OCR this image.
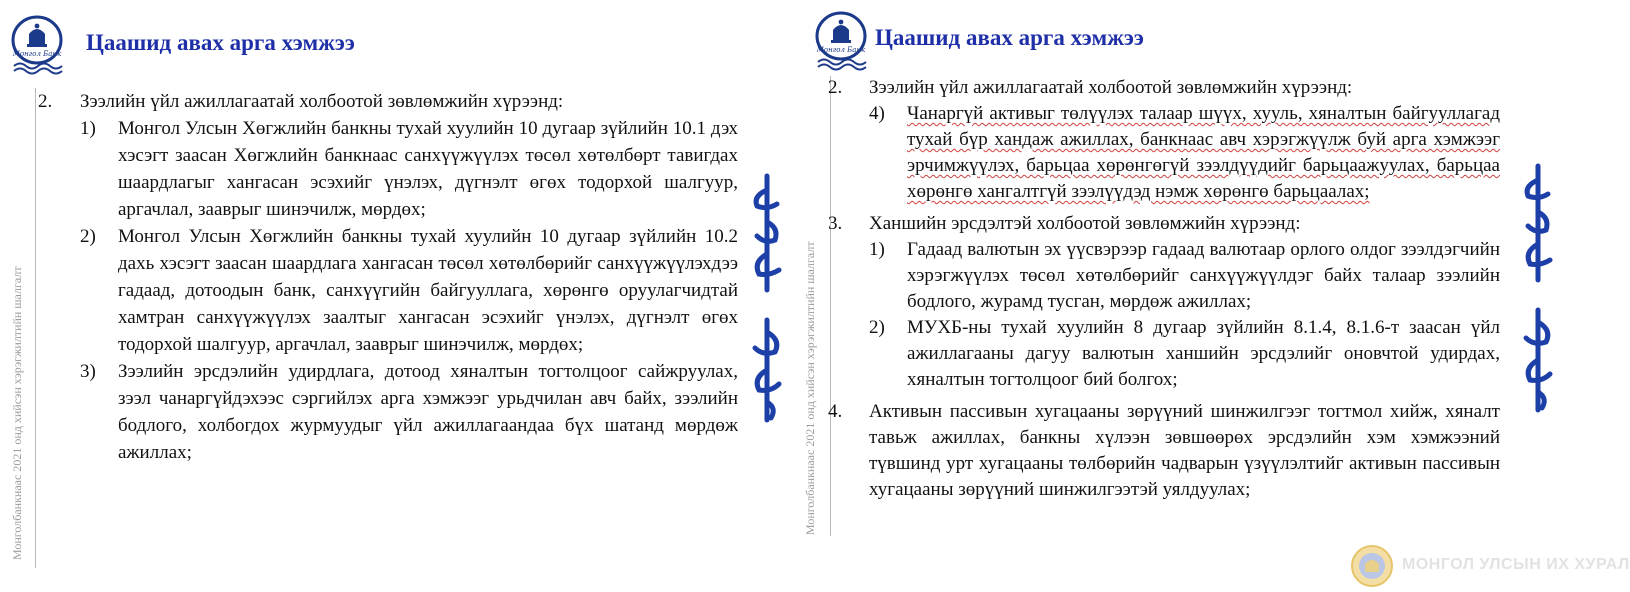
Монгол Банк Цаашид авах арга хэмжээ
Монголбанкнаас 2021 онд хийсэн хэрэгжилтийн шалгалт
2. Зээлийн үйл ажиллагаатай холбоотой зөвлөмжийн хүрээнд:
1) Монгол Улсын Хөгжлийн банкны тухай хуулийн 10 дугаар зүйлийн 10.1 дэх хэсэгт заасан Хөгжлийн банкнаас санхүүжүүлэх төсөл хөтөлбөрт тавигдах шаардлагыг хангасан эсэхийг үнэлэх, дүгнэлт өгөх тодорхой шалгуур, аргачлал, зааврыг шинэчилж, мөрдөх;
2) Монгол Улсын Хөгжлийн банкны тухай хуулийн 10 дугаар зүйлийн 10.2 дахь хэсэгт заасан шаардлага хангасан төсөл хөтөлбөрийг санхүүжүүлэхдээ гадаад, дотоодын банк, санхүүгийн байгууллага, хөрөнгө оруулагчидтай хамтран санхүүжүүлэх заалтыг хангасан эсэхийг үнэлэх, дүгнэлт өгөх тодорхой шалгуур, аргачлал, зааврыг шинэчилж, мөрдөх;
3) Зээлийн эрсдэлийн удирдлага, дотоод хяналтын тогтолцоог сайжруулах, зээл чанаргүйдэхээс сэргийлэх арга хэмжээг урьдчилан авч байх, зээлийн бодлого, холбогдох журмуудыг үйл ажиллагаандаа бүх шатанд мөрдөж ажиллах;
Монгол Банк Цаашид авах арга хэмжээ
Монголбанкнаас 2021 онд хийсэн хэрэгжилтийн шалгалт
2. Зээлийн үйл ажиллагаатай холбоотой зөвлөмжийн хүрээнд:
4) Чанаргүй активыг төлүүлэх талаар шүүх, хууль, хяналтын байгууллагад тухай бүр хандаж ажиллах, банкнаас авч хэрэгжүүлж буй арга хэмжээг эрчимжүүлэх, барьцаа хөрөнгөгүй зээлдүүдийг барьцаажуулах, барьцаа хөрөнгө хангалтгүй зээлүүдэд нэмж хөрөнгө барьцаалах;
3. Ханшийн эрсдэлтэй холбоотой зөвлөмжийн хүрээнд:
1) Гадаад валютын эх үүсвэрээр гадаад валютаар орлого олдог зээлдэгчийн хэрэгжүүлэх төсөл хөтөлбөрийг санхүүжүүлдэг байх талаар зээлийн бодлого, журамд тусган, мөрдөж ажиллах;
2) МУХБ-ны тухай хуулийн 8 дугаар зүйлийн 8.1.4, 8.1.6-т заасан үйл ажиллагааны дагуу валютын ханшийн эрсдэлийг оновчтой удирдах, хяналтын тогтолцоог бий болгох;
4. Активын пассивын хугацааны зөрүүний шинжилгээг тогтмол хийж, хяналт тавьж ажиллах, банкны хүлээн зөвшөөрөх эрсдэлийн хэм хэмжээний түвшинд урт хугацааны төлбөрийн чадварын үзүүлэлтийг активын пассивын хугацааны зөрүүний шинжилгээтэй уялдуулах;
МОНГОЛ УЛСЫН ИХ ХУРАЛ
